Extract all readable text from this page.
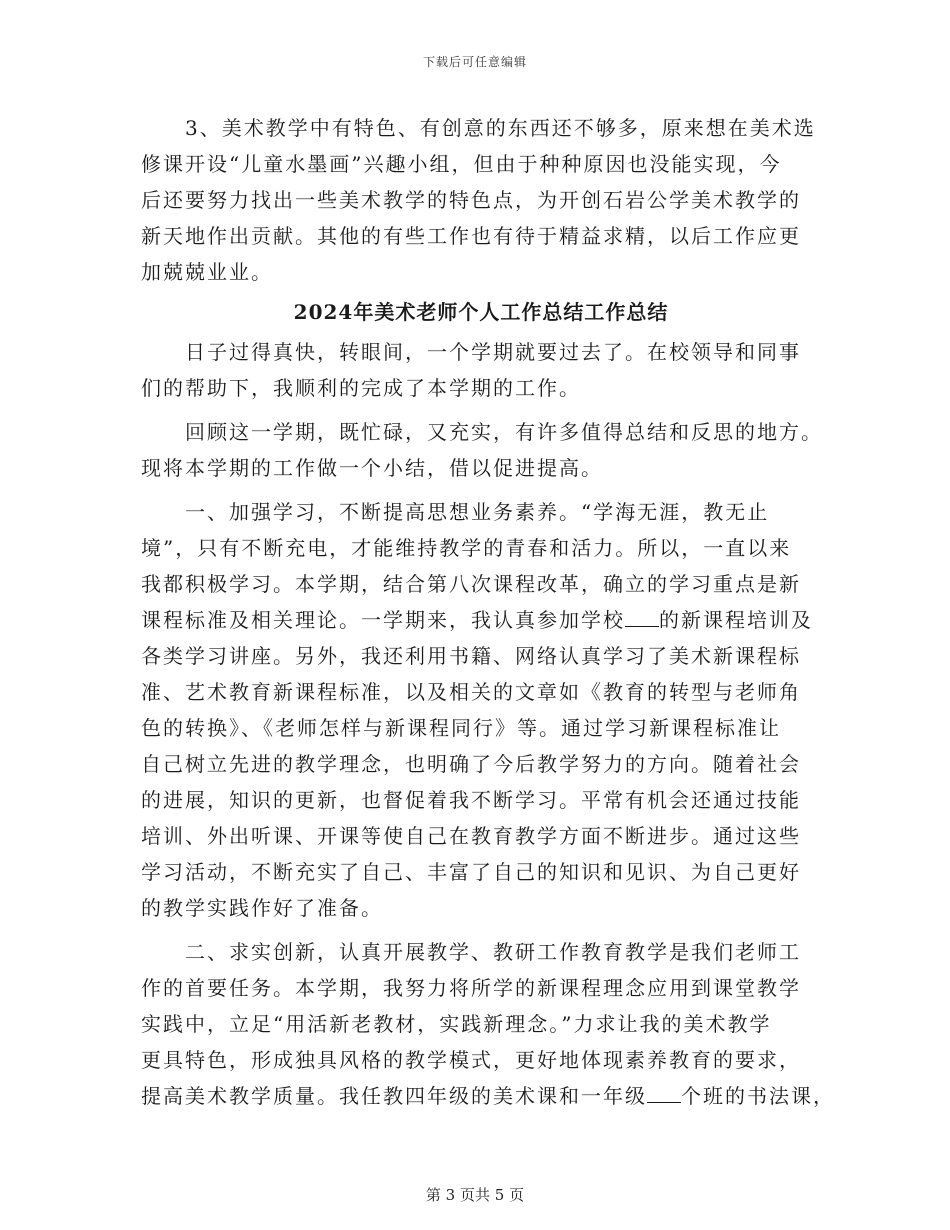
下载后可任意编辑
3、美术教学中有特色、有创意的东西还不够多，原来想在美术选
修课开设“儿童水墨画”兴趣小组，但由于种种原因也没能实现，今
后还要努力找出一些美术教学的特色点，为开创石岩公学美术教学的
新天地作出贡献。其他的有些工作也有待于精益求精，以后工作应更
加兢兢业业。
2024年美术老师个人工作总结工作总结
日子过得真快，转眼间，一个学期就要过去了。在校领导和同事
们的帮助下，我顺利的完成了本学期的工作。
回顾这一学期，既忙碌，又充实，有许多值得总结和反思的地方。
现将本学期的工作做一个小结，借以促进提高。
一、加强学习，不断提高思想业务素养。“学海无涯，教无止
境”，只有不断充电，才能维持教学的青春和活力。所以，一直以来
我都积极学习。本学期，结合第八次课程改革，确立的学习重点是新
课程标准及相关理论。一学期来，我认真参加学校 的新课程培训及
各类学习讲座。另外，我还利用书籍、网络认真学习了美术新课程标
准、艺术教育新课程标准，以及相关的文章如《教育的转型与老师角
色的转换》、《老师怎样与新课程同行》等。通过学习新课程标准让
自己树立先进的教学理念，也明确了今后教学努力的方向。随着社会
的进展，知识的更新，也督促着我不断学习。平常有机会还通过技能
培训、外出听课、开课等使自己在教育教学方面不断进步。通过这些
学习活动，不断充实了自己、丰富了自己的知识和见识、为自己更好
的教学实践作好了准备。
二、求实创新，认真开展教学、教研工作教育教学是我们老师工
作的首要任务。本学期，我努力将所学的新课程理念应用到课堂教学
实践中，立足“用活新老教材，实践新理念。”力求让我的美术教学
更具特色，形成独具风格的教学模式，更好地体现素养教育的要求，
提高美术教学质量。我任教四年级的美术课和一年级 个班的书法课，
第 3 页共 5 页
